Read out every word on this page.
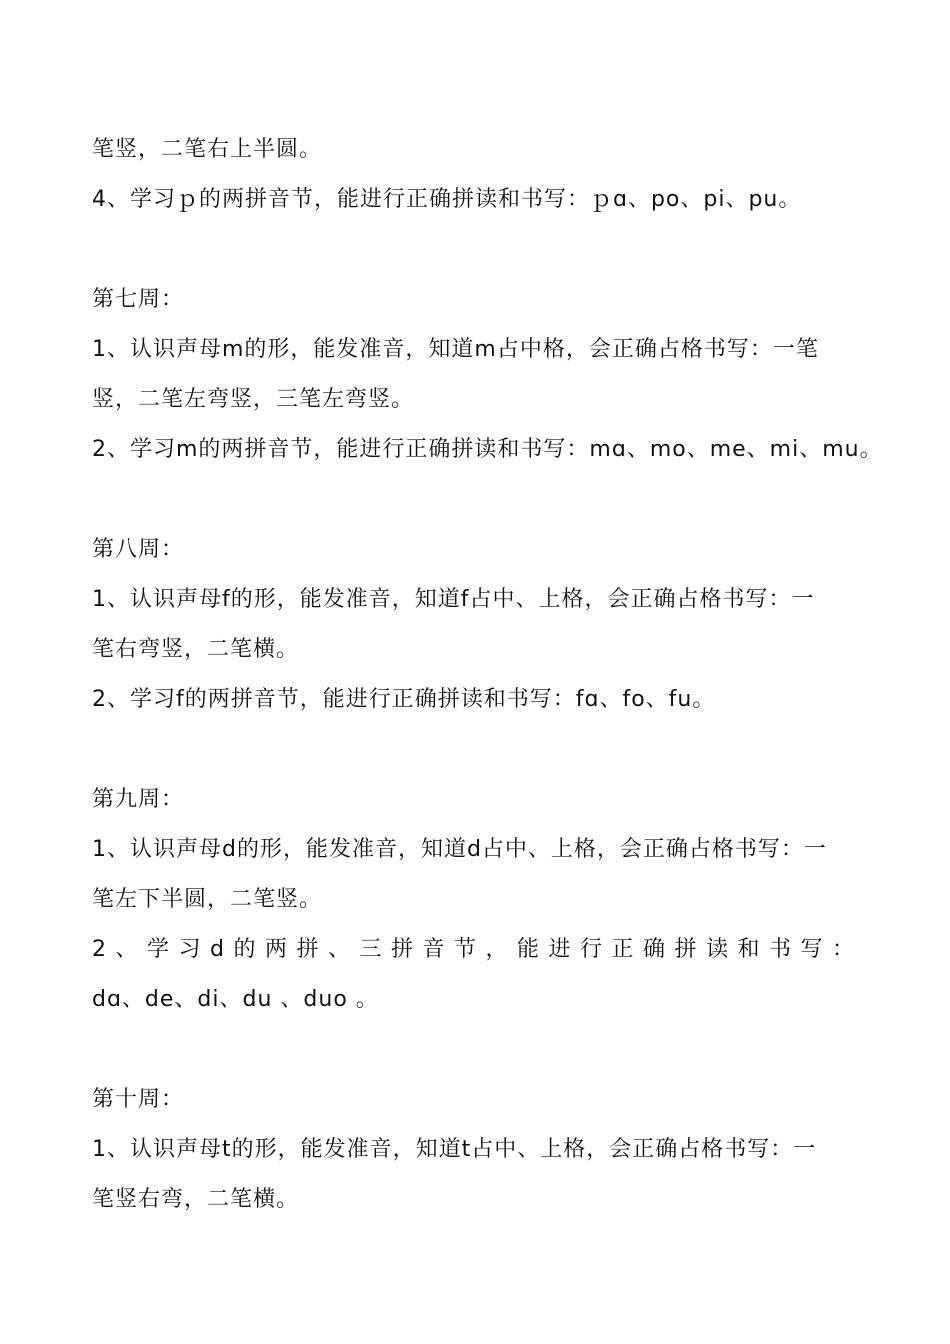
笔竖，二笔右上半圆。
4、学习ｐ的两拼音节，能进行正确拼读和书写：ｐɑ、po、pi、pu。
第七周：
1、认识声母m的形，能发准音，知道m占中格，会正确占格书写：一笔
竖，二笔左弯竖，三笔左弯竖。
2、学习m的两拼音节，能进行正确拼读和书写：mɑ、mo、me、mi、mu。
第八周：
1、认识声母f的形，能发准音，知道f占中、上格，会正确占格书写：一
笔右弯竖，二笔横。
2、学习f的两拼音节，能进行正确拼读和书写：fɑ、fo、fu。
第九周：
1、认识声母d的形，能发准音，知道d占中、上格，会正确占格书写：一
笔左下半圆，二笔竖。
2、学习d的两拼、三拼音节，能进行正确拼读和书写：
dɑ、de、di、du 、duo 。
第十周：
1、认识声母t的形，能发准音，知道t占中、上格，会正确占格书写：一
笔竖右弯，二笔横。
